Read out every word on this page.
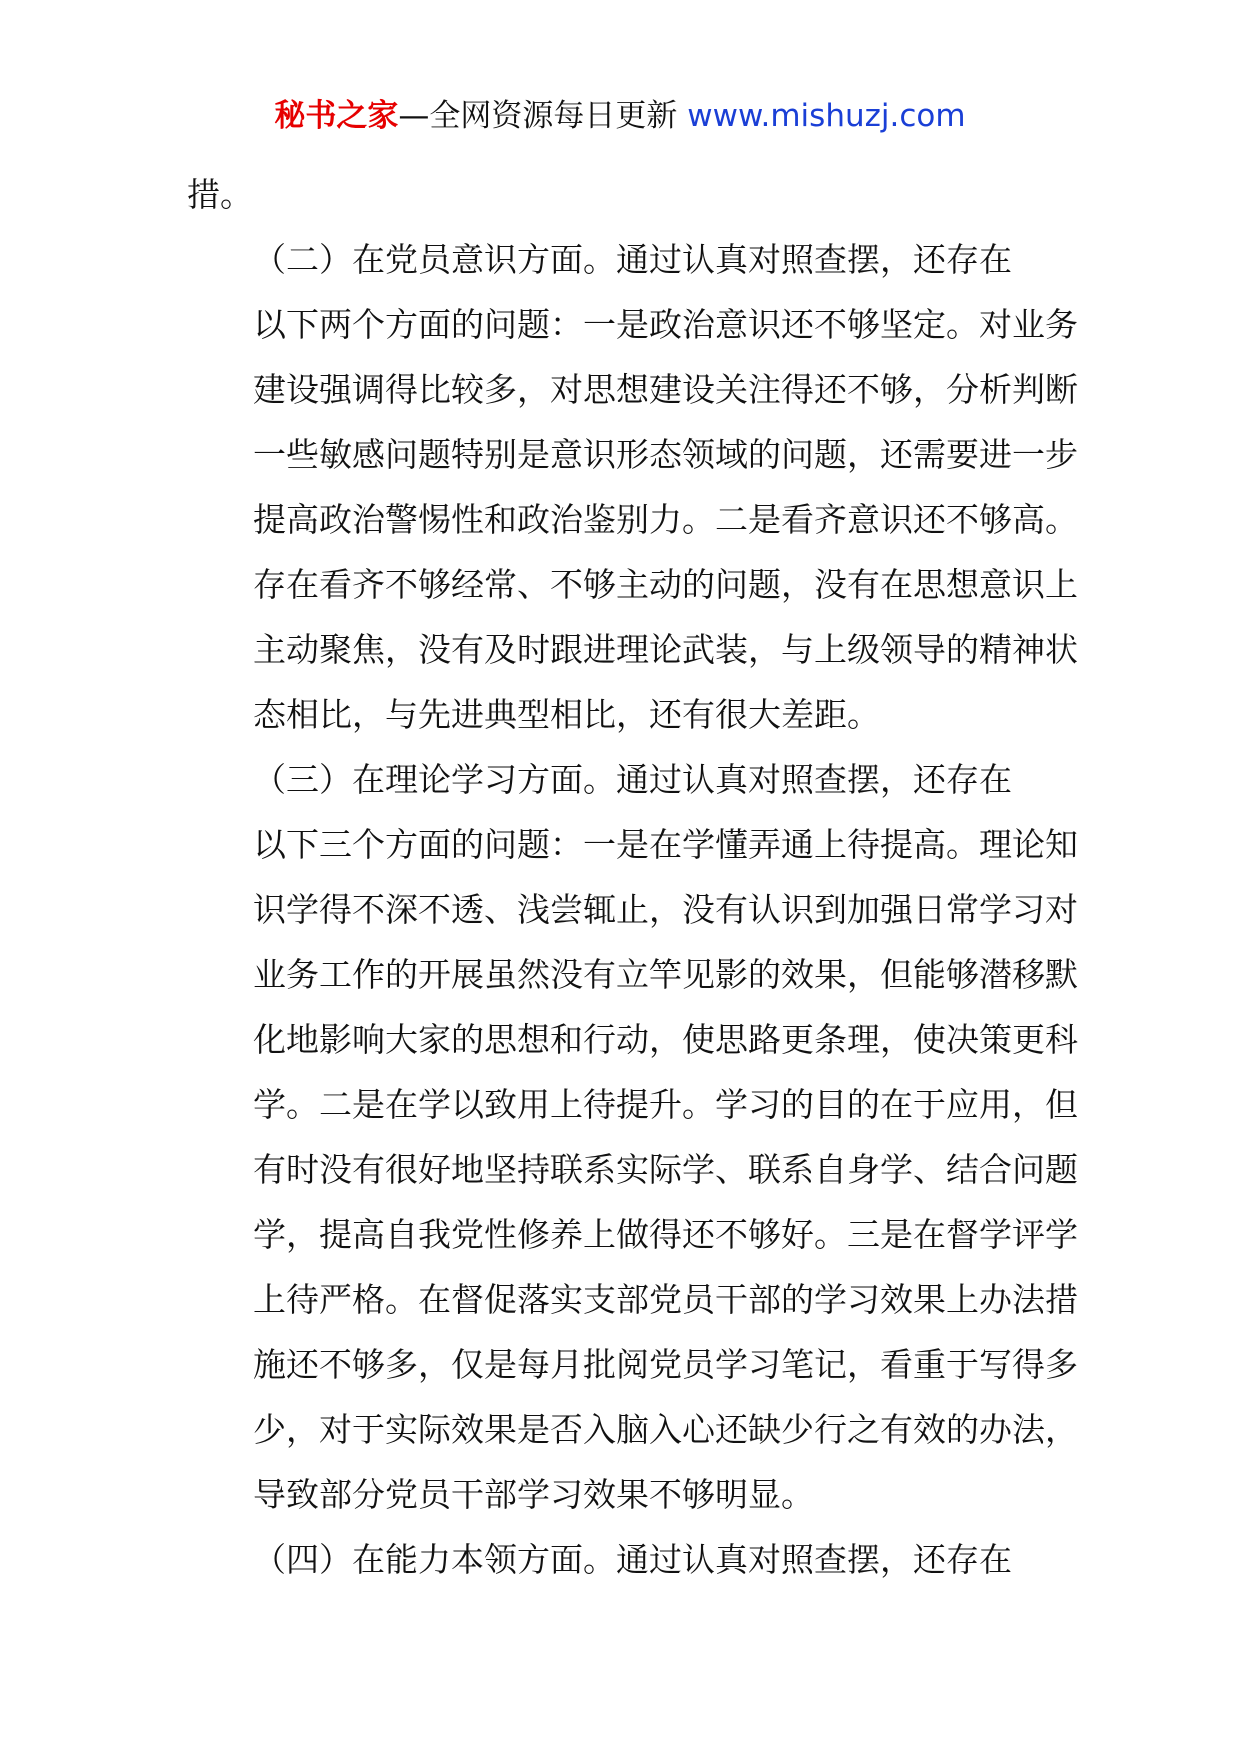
秘书之家—全网资源每日更新 www.mishuzj.com

措。

（二）在党员意识方面。通过认真对照查摆，还存在
以下两个方面的问题：一是政治意识还不够坚定。对业务
建设强调得比较多，对思想建设关注得还不够，分析判断
一些敏感问题特别是意识形态领域的问题，还需要进一步
提高政治警惕性和政治鉴别力。二是看齐意识还不够高。
存在看齐不够经常、不够主动的问题，没有在思想意识上
主动聚焦，没有及时跟进理论武装，与上级领导的精神状
态相比，与先进典型相比，还有很大差距。

（三）在理论学习方面。通过认真对照查摆，还存在
以下三个方面的问题：一是在学懂弄通上待提高。理论知
识学得不深不透、浅尝辄止，没有认识到加强日常学习对
业务工作的开展虽然没有立竿见影的效果，但能够潜移默
化地影响大家的思想和行动，使思路更条理，使决策更科
学。二是在学以致用上待提升。学习的目的在于应用，但
有时没有很好地坚持联系实际学、联系自身学、结合问题
学，提高自我党性修养上做得还不够好。三是在督学评学
上待严格。在督促落实支部党员干部的学习效果上办法措
施还不够多，仅是每月批阅党员学习笔记，看重于写得多
少，对于实际效果是否入脑入心还缺少行之有效的办法，
导致部分党员干部学习效果不够明显。

（四）在能力本领方面。通过认真对照查摆，还存在
